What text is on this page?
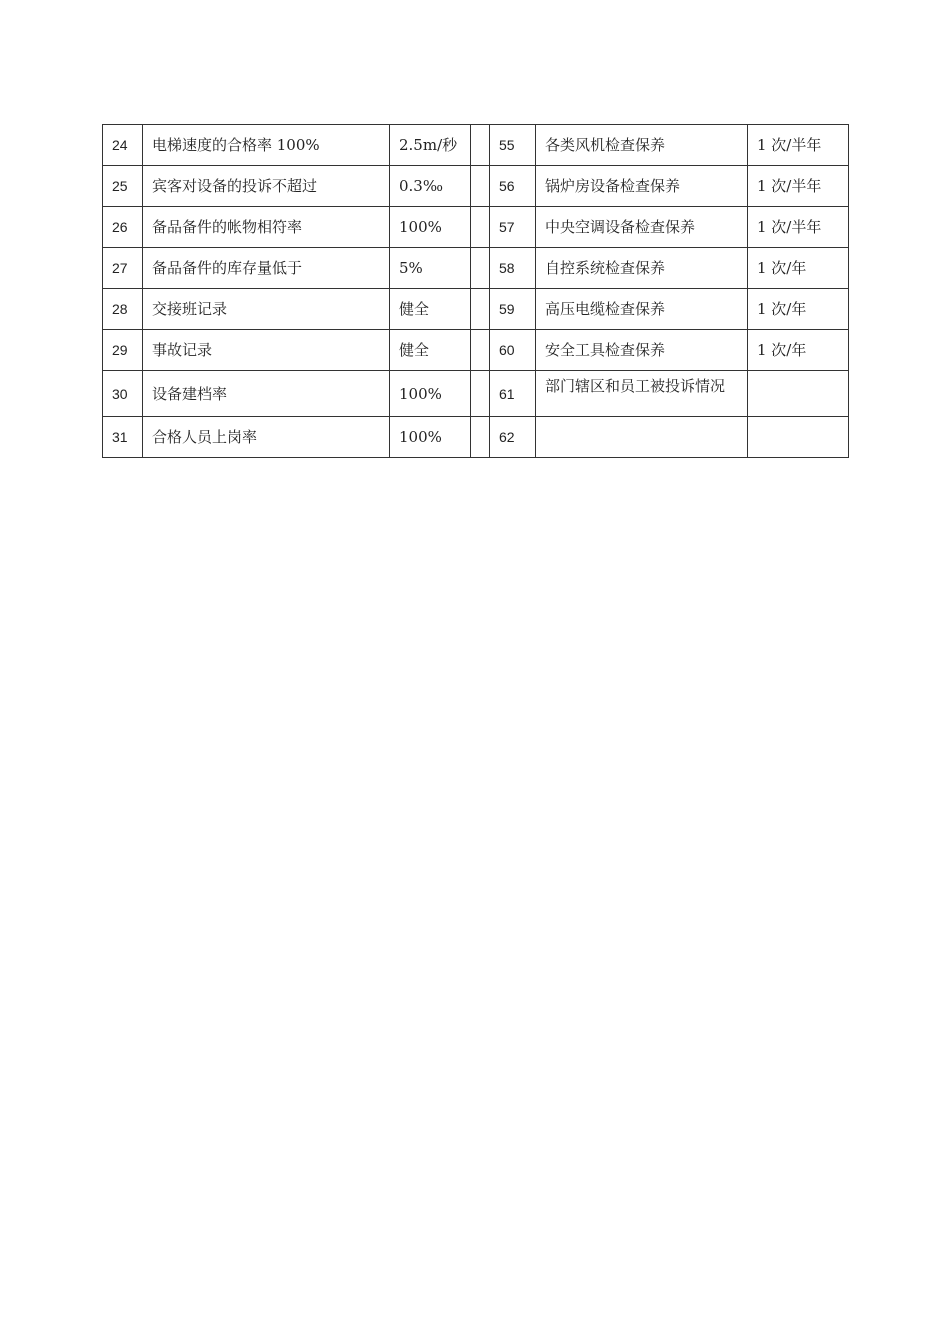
24	电梯速度的合格率 100%	2.5m/秒		55	各类风机检查保养	1 次/半年
25	宾客对设备的投诉不超过	0.3‰		56	锅炉房设备检查保养	1 次/半年
26	备品备件的帐物相符率	100%		57	中央空调设备检查保养	1 次/半年
27	备品备件的库存量低于	5%		58	自控系统检查保养	1 次/年
28	交接班记录	健全		59	高压电缆检查保养	1 次/年
29	事故记录	健全		60	安全工具检查保养	1 次/年
30	设备建档率	100%		61	部门辖区和员工被投诉情况	

31	合格人员上岗率	100%		62		
